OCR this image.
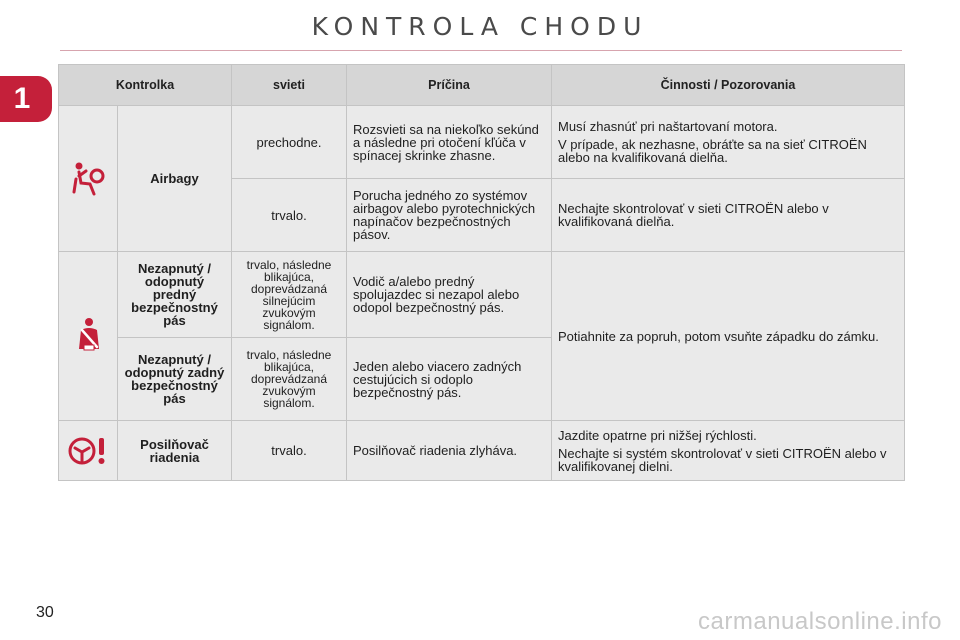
KONTROLA CHODU
1	Kontrolka		svieti	Príčina	Činnosti / Pozorovania

	Airbagy	prechodne.	Rozsvieti sa na niekoľko sekúnd a následne pri otočení kľúča v spínacej skrinke zhasne.	Musí zhasnúť pri naštartovaní motora.
V prípade, ak nezhasne, obráťte sa na sieť CITROËN alebo na kvalifikovaná dielňa.

		trvalo.	Porucha jedného zo systémov airbagov alebo pyrotechnických napínačov bezpečnostných pásov.	Nechajte skontrolovať v sieti CITROËN alebo v kvalifikovaná dielňa.

	Nezapnutý / odopnutý predný bezpečnostný pás	trvalo, následne blikajúca, doprevádzaná silnejúcim zvukovým signálom.	Vodič a/alebo predný spolujazdec si nezapol alebo odopol bezpečnostný pás.	Potiahnite za popruh, potom vsuňte západku do zámku.
	Nezapnutý / odopnutý zadný bezpečnostný pás	trvalo, následne blikajúca, doprevádzaná zvukovým signálom.	Jeden alebo viacero zadných cestujúcich si odoplo bezpečnostný pás.	

	Posilňovač riadenia	trvalo.	Posilňovač riadenia zlyháva.	Jazdite opatrne pri nižšej rýchlosti.
Nechajte si systém skontrolovať v sieti CITROËN alebo v kvalifikovanej dielni.
30	carmanualsonline.info
